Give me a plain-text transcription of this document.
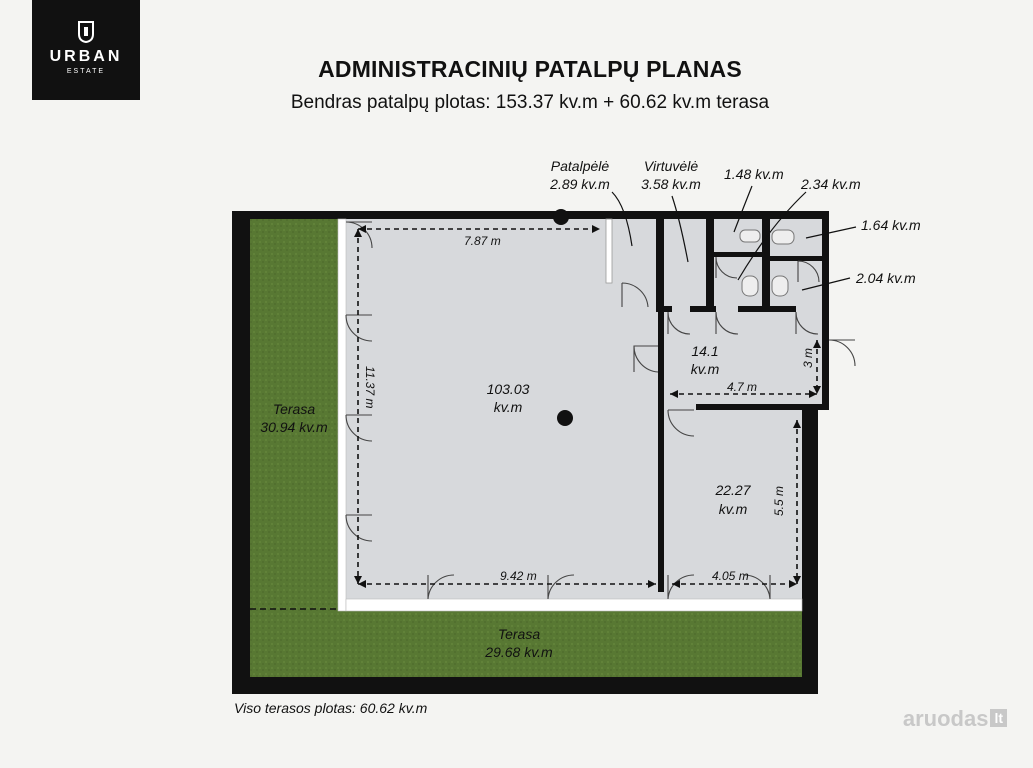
URBAN
ESTATE	ADMINISTRACINIŲ PATALPŲ PLANAS
Bendras patalpų plotas: 153.37 kv.m + 60.62 kv.m terasa
7.87 m
11.37 m
9.42 m	4.05 m
5.5 m
4.7 m
3 m
103.03
kv.m
14.1
kv.m
22.27
kv.m
Terasa
30.94 kv.m
Terasa
29.68 kv.m
Patalpėlė
2.89 kv.m
Virtuvėlė
3.58 kv.m
1.48 kv.m
2.34 kv.m
1.64 kv.m
2.04 kv.m
Viso terasos plotas: 60.62 kv.m	aruodas lt
